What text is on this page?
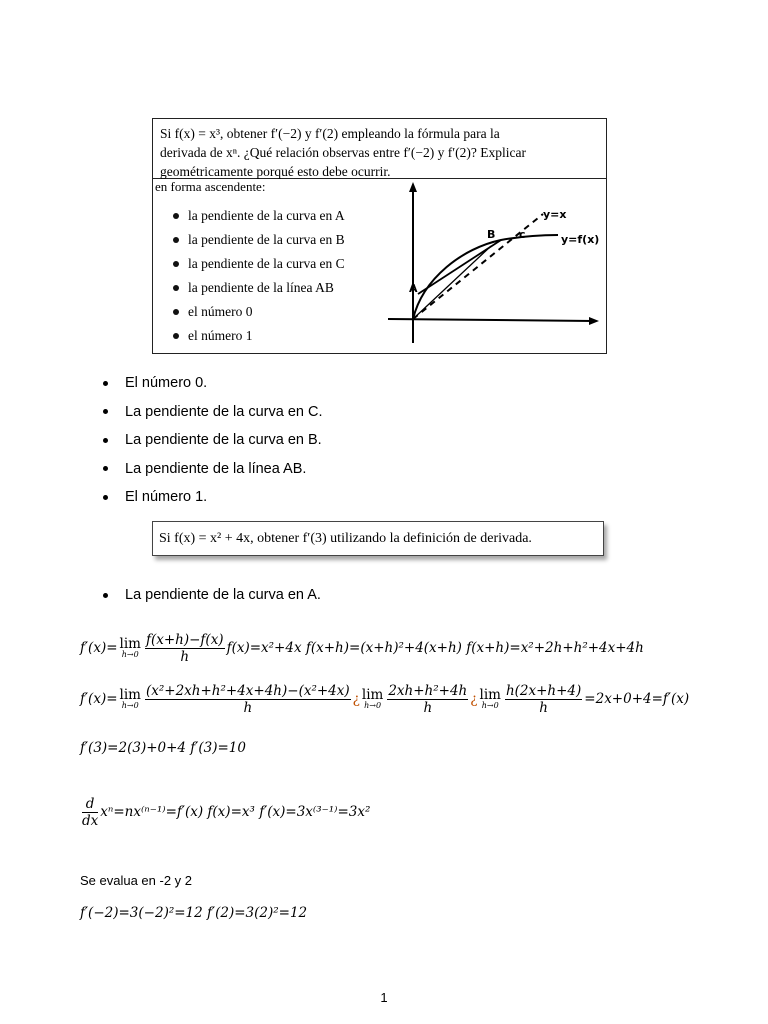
Si f(x) = x³, obtener f′(−2) y f′(2) empleando la fórmula para la
derivada de xⁿ. ¿Qué relación observas entre f′(−2) y f′(2)? Explicar
geométricamente porqué esto debe ocurrir.
en forma ascendente:
la pendiente de la curva en A
la pendiente de la curva en B
la pendiente de la curva en C
la pendiente de la línea AB
el número 0
el número 1
A
B c
y=x
y=f(x)
El número 0.
La pendiente de la curva en C.
La pendiente de la curva en B.
La pendiente de la línea AB.
El número 1.
Si f(x) = x² + 4x, obtener f′(3) utilizando la definición de derivada.
La pendiente de la curva en A.
f′(x)= lim
$h\to 0 \frac{f(x+h)-f(x)}{h} f(x)=x^2+4x$ f(x+h)=(x+h)²+4(x+h) f(x+h)=x²+2h+h²+4x+4h
f′(x)= lim
$h\to 0 \frac{\text{(x²+2xh+h²+4x+4h)−(x²+4x)}}{h}$ ¿ lim
$h\to 0 \frac{\text{2xh+h²+4h}}{h}$ ¿ lim
$h\to 0 \frac{h(2x+h+4)}{h} =2x+0+4=f'(x)$
f′(3)=2(3)+0+4 f′(3)=10
$\frac{d}{dx} x^n=nx^{(n-1)}=f'(x)$ f(x)=x³ f′(x)=3x⁽³⁻¹⁾=3x²
Se evalua en -2 y 2
f′(−2)=3(−2)²=12 f′(2)=3(2)²=12
1
